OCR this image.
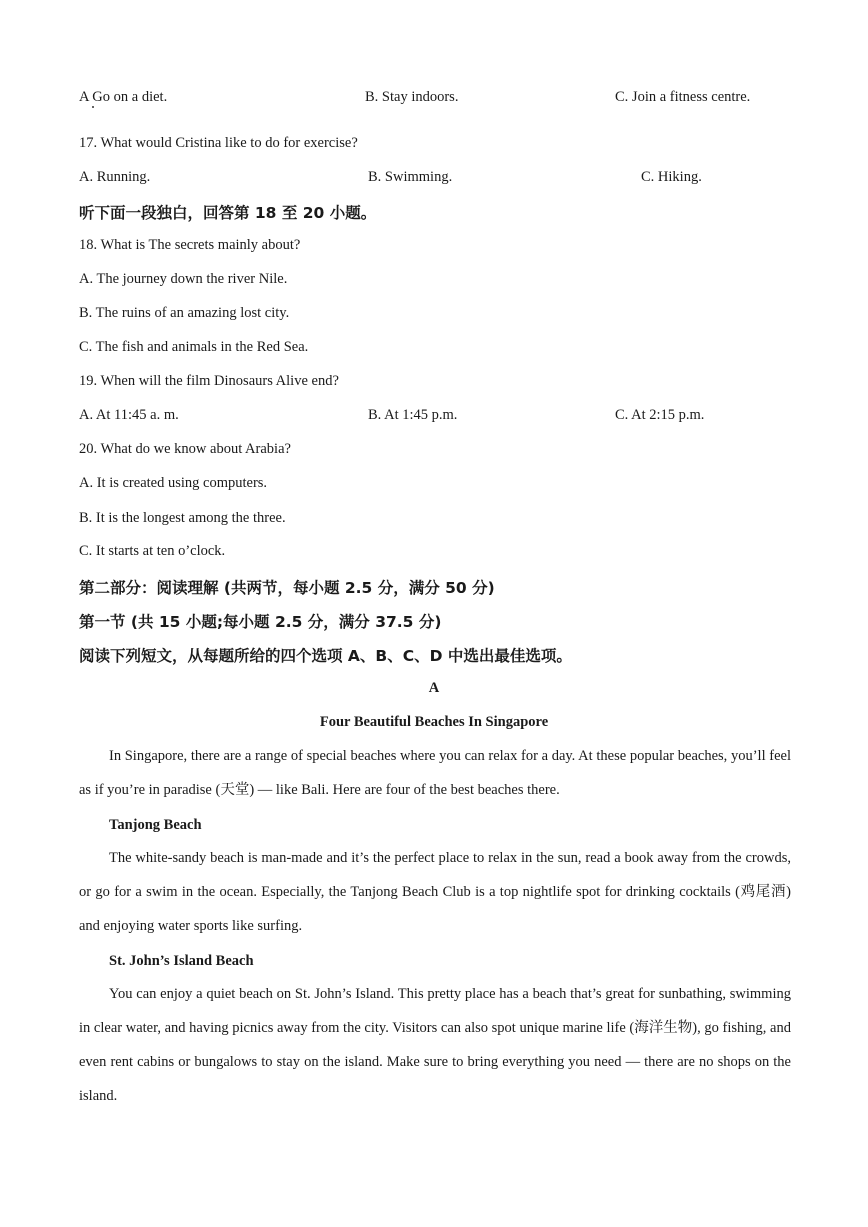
A Go on a diet.	B. Stay indoors.	C. Join a fitness centre.
17. What would Cristina like to do for exercise?
A. Running.	B. Swimming.	C. Hiking.
听下面一段独白，回答第 18 至 20 小题。
18. What is The secrets mainly about?
A. The journey down the river Nile.
B. The ruins of an amazing lost city.
C. The fish and animals in the Red Sea.
19. When will the film Dinosaurs Alive end?
A. At 11:45 a. m.	B. At 1:45 p.m.	C. At 2:15 p.m.
20. What do we know about Arabia?
A. It is created using computers.
B. It is the longest among the three.
C. It starts at ten o’clock.
第二部分：阅读理解 (共两节，每小题 2.5 分，满分 50 分)
第一节 (共 15 小题;每小题 2.5 分，满分 37.5 分)
阅读下列短文，从每题所给的四个选项 A、B、C、D 中选出最佳选项。
A
Four Beautiful Beaches In Singapore

In Singapore, there are a range of special beaches where you can relax for a day. At these popular beaches, you’ll feel as if you’re in paradise (天堂) — like Bali. Here are four of the best beaches there.

Tanjong Beach

The white-sandy beach is man-made and it’s the perfect place to relax in the sun, read a book away from the crowds, or go for a swim in the ocean. Especially, the Tanjong Beach Club is a top nightlife spot for drinking cocktails (鸡尾酒) and enjoying water sports like surfing.

St. John’s Island Beach

You can enjoy a quiet beach on St. John’s Island. This pretty place has a beach that’s great for sunbathing, swimming in clear water, and having picnics away from the city. Visitors can also spot unique marine life (海洋生物), go fishing, and even rent cabins or bungalows to stay on the island. Make sure to bring everything you need — there are no shops on the island.
